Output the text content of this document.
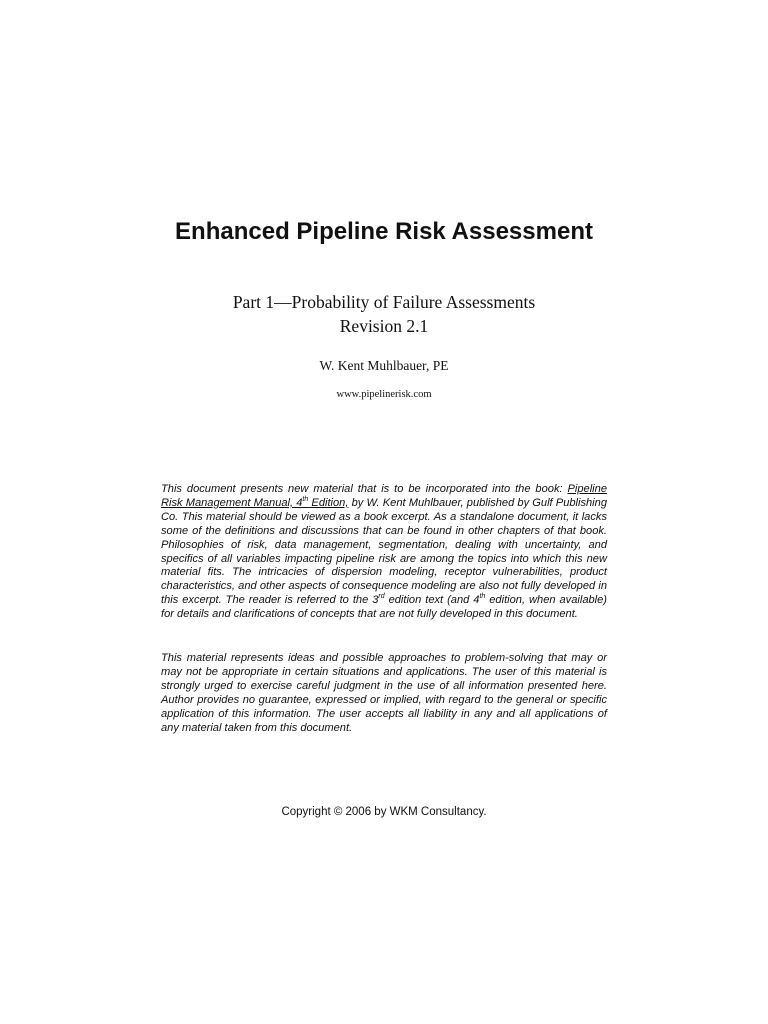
Enhanced Pipeline Risk Assessment
Part 1—Probability of Failure Assessments
Revision 2.1
W. Kent Muhlbauer, PE
www.pipelinerisk.com

This document presents new material that is to be incorporated into the book: Pipeline Risk Management Manual, 4th Edition, by W. Kent Muhlbauer, published by Gulf Publishing Co. This material should be viewed as a book excerpt. As a standalone document, it lacks some of the definitions and discussions that can be found in other chapters of that book. Philosophies of risk, data management, segmentation, dealing with uncertainty, and specifics of all variables impacting pipeline risk are among the topics into which this new material fits. The intricacies of dispersion modeling, receptor vulnerabilities, product characteristics, and other aspects of consequence modeling are also not fully developed in this excerpt. The reader is referred to the 3rd edition text (and 4th edition, when available) for details and clarifications of concepts that are not fully developed in this document.

This material represents ideas and possible approaches to problem-solving that may or may not be appropriate in certain situations and applications. The user of this material is strongly urged to exercise careful judgment in the use of all information presented here. Author provides no guarantee, expressed or implied, with regard to the general or specific application of this information. The user accepts all liability in any and all applications of any material taken from this document.

Copyright © 2006 by WKM Consultancy.
